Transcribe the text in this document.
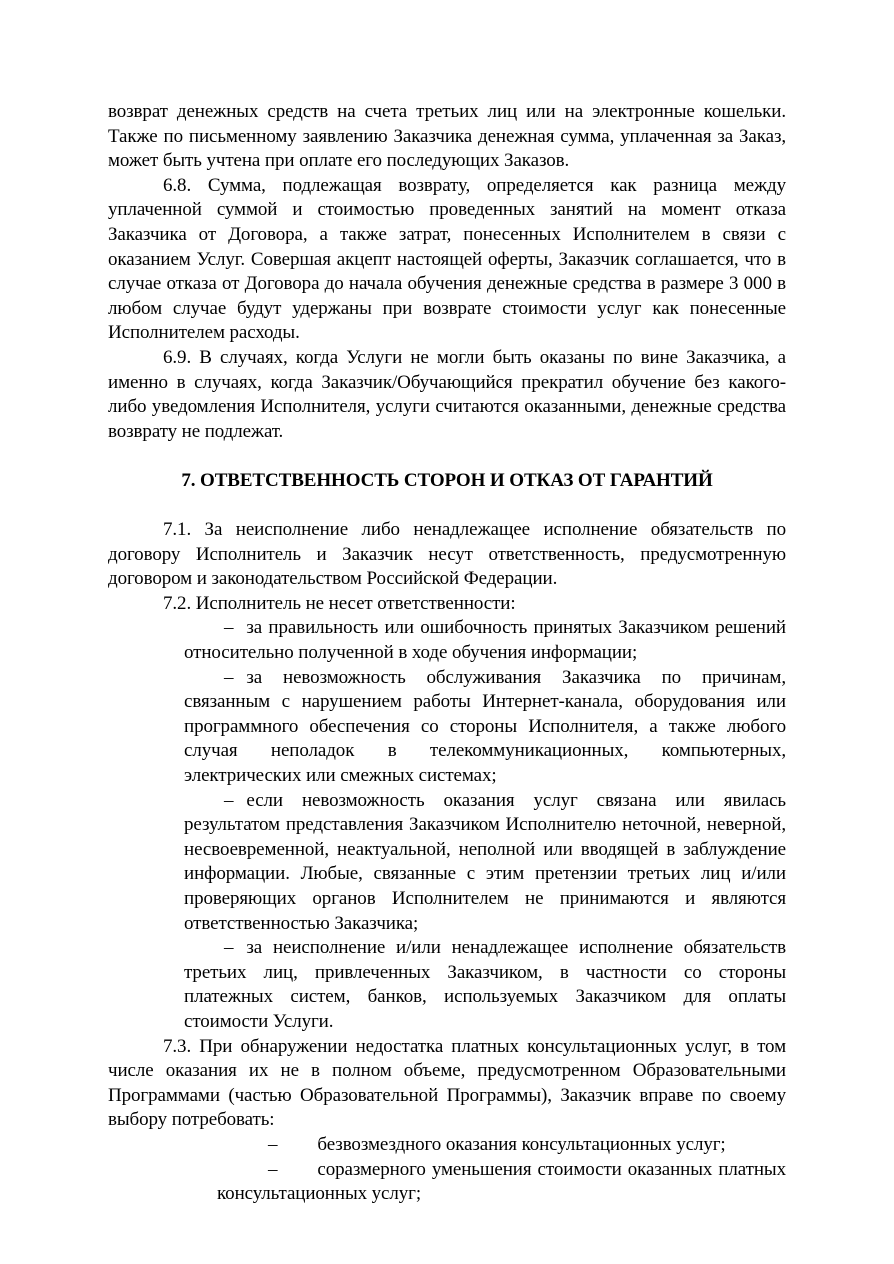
возврат денежных средств на счета третьих лиц или на электронные кошельки. Также по письменному заявлению Заказчика денежная сумма, уплаченная за Заказ, может быть учтена при оплате его последующих Заказов.

6.8. Сумма, подлежащая возврату, определяется как разница между уплаченной суммой и стоимостью проведенных занятий на момент отказа Заказчика от Договора, а также затрат, понесенных Исполнителем в связи с оказанием Услуг. Совершая акцепт настоящей оферты, Заказчик соглашается, что в случае отказа от Договора до начала обучения денежные средства в размере 3 000 в любом случае будут удержаны при возврате стоимости услуг как понесенные Исполнителем расходы.

6.9. В случаях, когда Услуги не могли быть оказаны по вине Заказчика, а именно в случаях, когда Заказчик/Обучающийся прекратил обучение без какого-либо уведомления Исполнителя, услуги считаются оказанными, денежные средства возврату не подлежат.

7. ОТВЕТСТВЕННОСТЬ СТОРОН И ОТКАЗ ОТ ГАРАНТИЙ

7.1. За неисполнение либо ненадлежащее исполнение обязательств по договору Исполнитель и Заказчик несут ответственность, предусмотренную договором и законодательством Российской Федерации.

7.2. Исполнитель не несет ответственности:

– за правильность или ошибочность принятых Заказчиком решений относительно полученной в ходе обучения информации;
– за невозможность обслуживания Заказчика по причинам, связанным с нарушением работы Интернет-канала, оборудования или программного обеспечения со стороны Исполнителя, а также любого случая неполадок в телекоммуникационных, компьютерных, электрических или смежных системах;
– если невозможность оказания услуг связана или явилась результатом представления Заказчиком Исполнителю неточной, неверной, несвоевременной, неактуальной, неполной или вводящей в заблуждение информации. Любые, связанные с этим претензии третьих лиц и/или проверяющих органов Исполнителем не принимаются и являются ответственностью Заказчика;
– за неисполнение и/или ненадлежащее исполнение обязательств третьих лиц, привлеченных Заказчиком, в частности со стороны платежных систем, банков, используемых Заказчиком для оплаты стоимости Услуги.

7.3. При обнаружении недостатка платных консультационных услуг, в том числе оказания их не в полном объеме, предусмотренном Образовательными Программами (частью Образовательной Программы), Заказчик вправе по своему выбору потребовать:

– безвозмездного оказания консультационных услуг;
– соразмерного уменьшения стоимости оказанных платных консультационных услуг;
